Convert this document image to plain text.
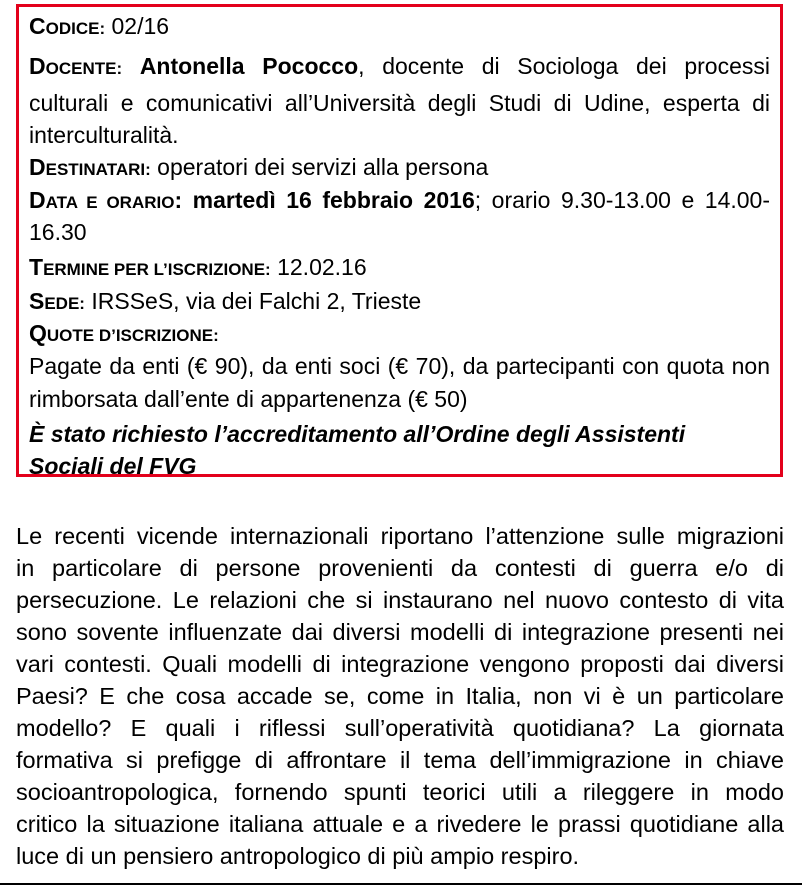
CODICE: 02/16
DOCENTE: Antonella Pococco, docente di Sociologa dei processi
culturali e comunicativi all’Università degli Studi di Udine, esperta di
interculturalità.
DESTINATARI: operatori dei servizi alla persona
DATA E ORARIO: martedì 16 febbraio 2016; orario 9.30-13.00 e 14.00-
16.30
TERMINE PER L’ISCRIZIONE: 12.02.16
SEDE: IRSSeS, via dei Falchi 2, Trieste
QUOTE D’ISCRIZIONE:
Pagate da enti (€ 90), da enti soci (€ 70), da partecipanti con quota non
rimborsata dall’ente di appartenenza (€ 50)
È stato richiesto l’accreditamento all’Ordine degli Assistenti
Sociali del FVG
Le recenti vicende internazionali riportano l’attenzione sulle migrazioni
in particolare di persone provenienti da contesti di guerra e/o di
persecuzione. Le relazioni che si instaurano nel nuovo contesto di vita
sono sovente influenzate dai diversi modelli di integrazione presenti nei
vari contesti. Quali modelli di integrazione vengono proposti dai diversi
Paesi? E che cosa accade se, come in Italia, non vi è un particolare
modello? E quali i riflessi sull’operatività quotidiana? La giornata
formativa si prefigge di affrontare il tema dell’immigrazione in chiave
socioantropologica, fornendo spunti teorici utili a rileggere in modo
critico la situazione italiana attuale e a rivedere le prassi quotidiane alla
luce di un pensiero antropologico di più ampio respiro.
